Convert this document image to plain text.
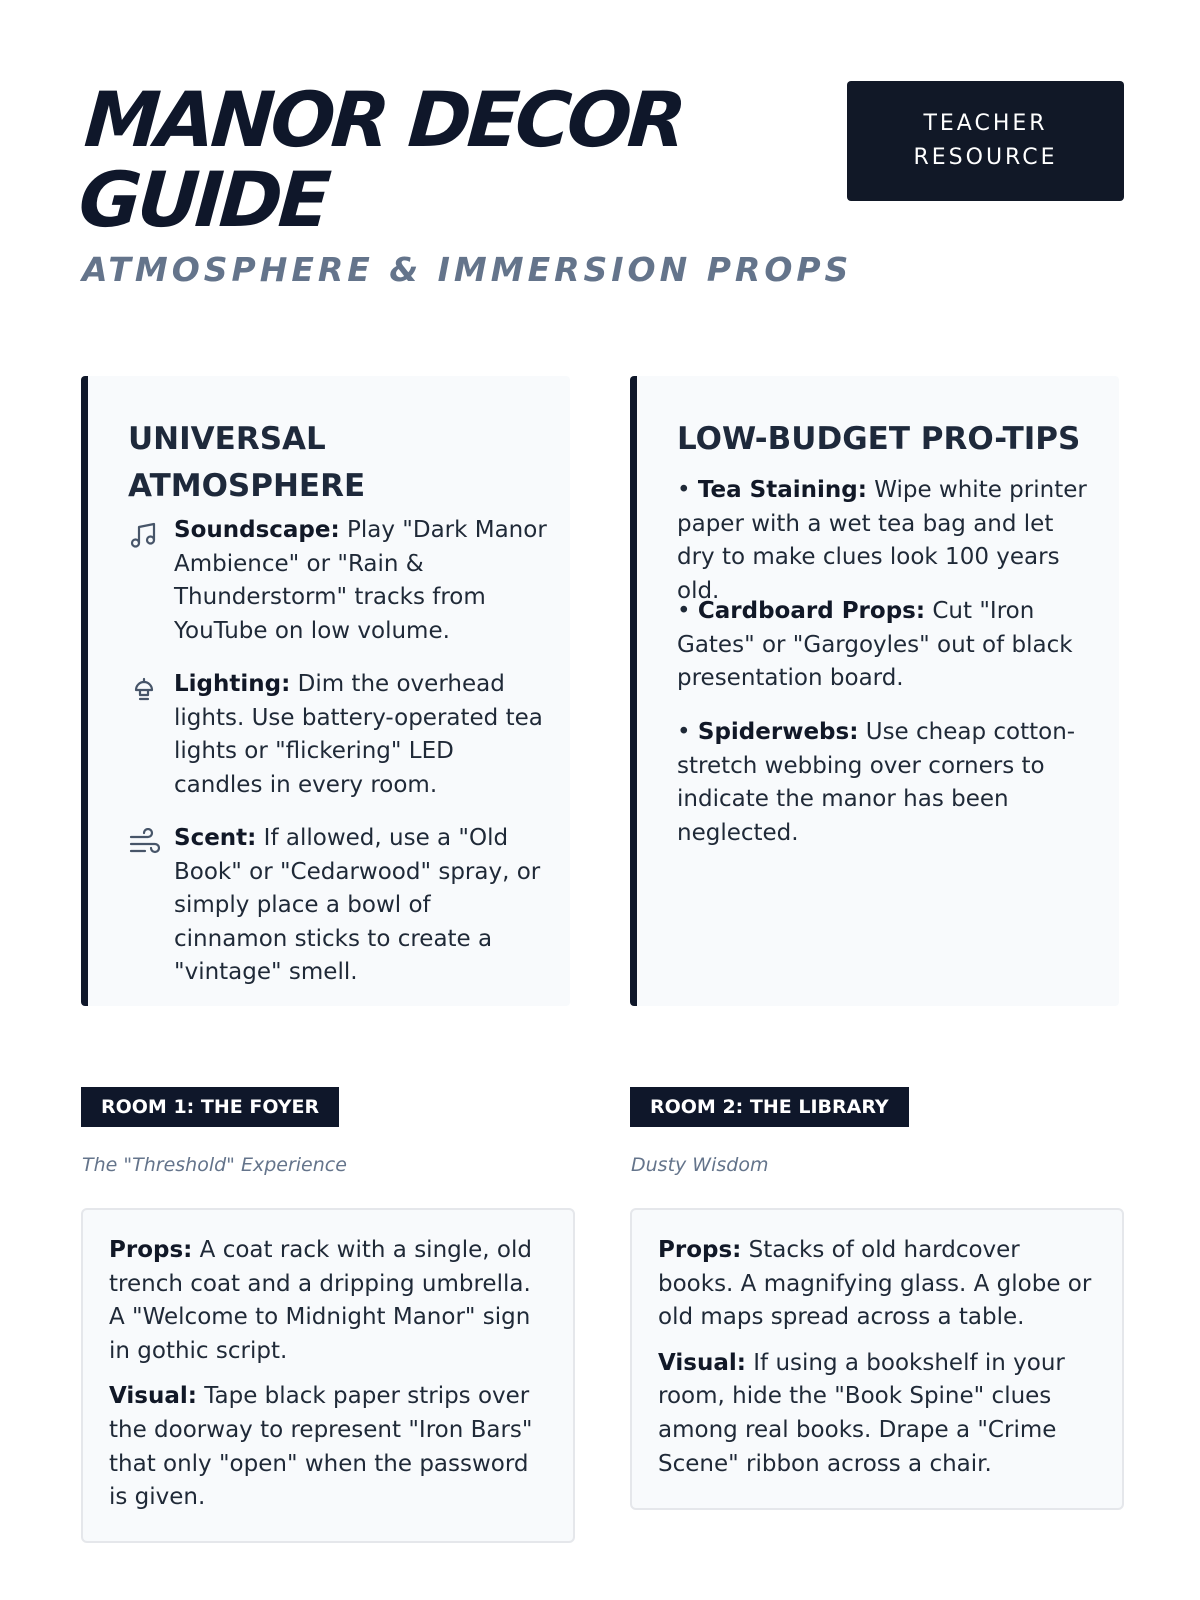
MANOR DECOR GUIDE
ATMOSPHERE & IMMERSION PROPS
TEACHER
RESOURCE
UNIVERSAL ATMOSPHERE
Soundscape: Play "Dark Manor Ambience" or "Rain & Thunderstorm" tracks from YouTube on low volume.
Lighting: Dim the overhead lights. Use battery-operated tea lights or "flickering" LED candles in every room.
Scent: If allowed, use a "Old Book" or "Cedarwood" spray, or simply place a bowl of cinnamon sticks to create a "vintage" smell.
LOW-BUDGET PRO-TIPS
• Tea Staining: Wipe white printer paper with a wet tea bag and let dry to make clues look 100 years old.
• Cardboard Props: Cut "Iron Gates" or "Gargoyles" out of black presentation board.
• Spiderwebs: Use cheap cotton-stretch webbing over corners to indicate the manor has been neglected.
ROOM 1: THE FOYER
The "Threshold" Experience

Props: A coat rack with a single, old trench coat and a dripping umbrella. A "Welcome to Midnight Manor" sign in gothic script.

Visual: Tape black paper strips over the doorway to represent "Iron Bars" that only "open" when the password is given.

ROOM 2: THE LIBRARY
Dusty Wisdom

Props: Stacks of old hardcover books. A magnifying glass. A globe or old maps spread across a table.

Visual: If using a bookshelf in your room, hide the "Book Spine" clues among real books. Drape a "Crime Scene" ribbon across a chair.
